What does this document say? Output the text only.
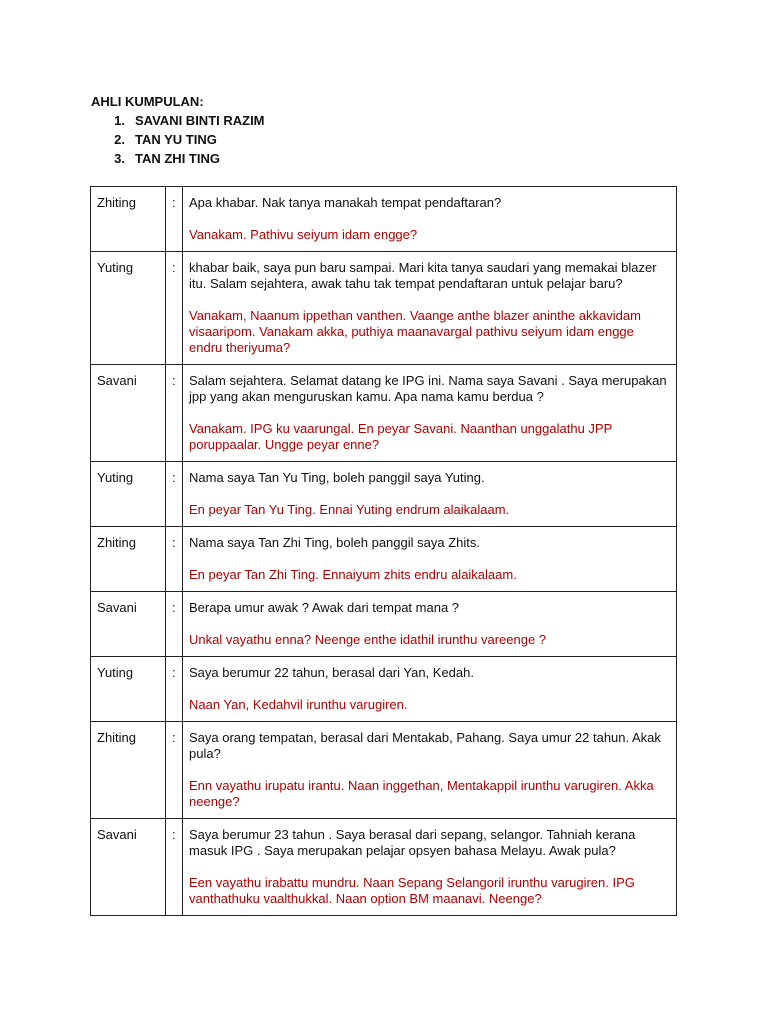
AHLI KUMPULAN:
1. SAVANI BINTI RAZIM
2. TAN YU TING
3. TAN ZHI TING
Zhiting	:	Apa khabar. Nak tanya manakah tempat pendaftaran?

Vanakam. Pathivu seiyum idam engge?

Yuting	:	khabar baik, saya pun baru sampai. Mari kita tanya saudari yang memakai blazer itu. Salam sejahtera, awak tahu tak tempat pendaftaran untuk pelajar baru?

Vanakam, Naanum ippethan vanthen. Vaange anthe blazer aninthe akkavidam visaaripom. Vanakam akka, puthiya maanavargal pathivu seiyum idam engge endru theriyuma?

Savani	:	Salam sejahtera. Selamat datang ke IPG ini. Nama saya Savani . Saya merupakan jpp yang akan menguruskan kamu. Apa nama kamu berdua ?

Vanakam. IPG ku vaarungal. En peyar Savani. Naanthan unggalathu JPP poruppaalar. Ungge peyar enne?

Yuting	:	Nama saya Tan Yu Ting, boleh panggil saya Yuting.

En peyar Tan Yu Ting. Ennai Yuting endrum alaikalaam.

Zhiting	:	Nama saya Tan Zhi Ting, boleh panggil saya Zhits.

En peyar Tan Zhi Ting. Ennaiyum zhits endru alaikalaam.

Savani	:	Berapa umur awak ? Awak dari tempat mana ?

Unkal vayathu enna? Neenge enthe idathil irunthu vareenge ?

Yuting	:	Saya berumur 22 tahun, berasal dari Yan, Kedah.

Naan Yan, Kedahvil irunthu varugiren.

Zhiting	:	Saya orang tempatan, berasal dari Mentakab, Pahang. Saya umur 22 tahun. Akak pula?

Enn vayathu irupatu irantu. Naan inggethan, Mentakappil irunthu varugiren. Akka neenge?

Savani	:	Saya berumur 23 tahun . Saya berasal dari sepang, selangor. Tahniah kerana masuk IPG . Saya merupakan pelajar opsyen bahasa Melayu. Awak pula?

Een vayathu irabattu mundru. Naan Sepang Selangoril irunthu varugiren. IPG vanthathuku vaalthukkal. Naan option BM maanavi. Neenge?
